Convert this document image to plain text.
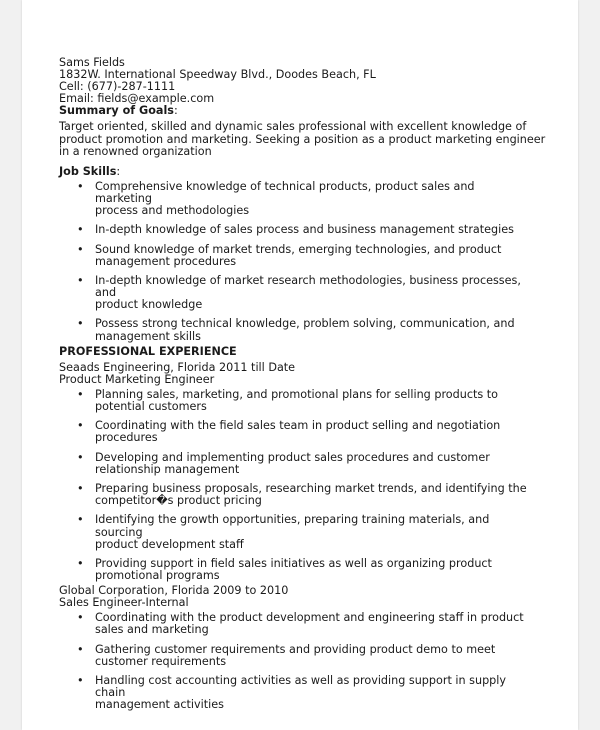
Sams Fields
1832W. International Speedway Blvd., Doodes Beach, FL
Cell: (677)-287-1111
Email: fields@example.com
Summary of Goals:
Target oriented, skilled and dynamic sales professional with excellent knowledge of
product promotion and marketing. Seeking a position as a product marketing engineer
in a renowned organization
Job Skills:
• Comprehensive knowledge of technical products, product sales and marketing
process and methodologies
• In-depth knowledge of sales process and business management strategies
• Sound knowledge of market trends, emerging technologies, and product
management procedures
• In-depth knowledge of market research methodologies, business processes, and
product knowledge
• Possess strong technical knowledge, problem solving, communication, and
management skills
PROFESSIONAL EXPERIENCE
Seaads Engineering, Florida 2011 till Date
Product Marketing Engineer
• Planning sales, marketing, and promotional plans for selling products to
potential customers
• Coordinating with the field sales team in product selling and negotiation
procedures
• Developing and implementing product sales procedures and customer
relationship management
• Preparing business proposals, researching market trends, and identifying the
competitor�s product pricing
• Identifying the growth opportunities, preparing training materials, and sourcing
product development staff
• Providing support in field sales initiatives as well as organizing product
promotional programs
Global Corporation, Florida 2009 to 2010
Sales Engineer-Internal
• Coordinating with the product development and engineering staff in product
sales and marketing
• Gathering customer requirements and providing product demo to meet
customer requirements
• Handling cost accounting activities as well as providing support in supply chain
management activities
